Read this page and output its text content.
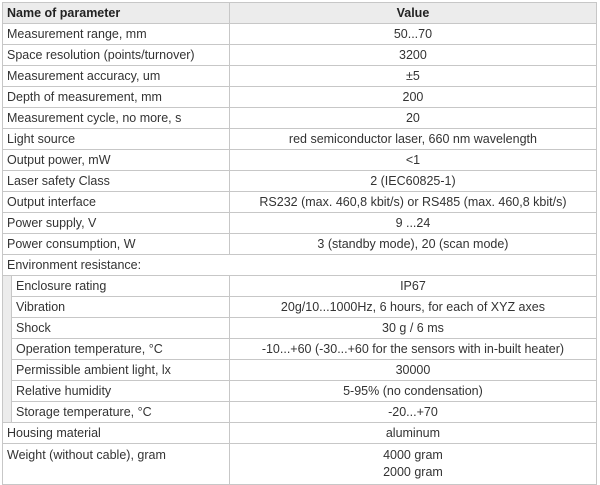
Name of parameter		Value
Measurement range, mm		50...70
Space resolution (points/turnover)		3200
Measurement accuracy, um		±5
Depth of measurement, mm		200
Measurement cycle, no more, s		20
Light source		red semiconductor laser, 660 nm wavelength
Output power, mW		<1
Laser safety Class		2 (IEC60825-1)
Output interface		RS232 (max. 460,8 kbit/s) or RS485 (max. 460,8 kbit/s)
Power supply, V		9 ...24
Power consumption, W		3 (standby mode), 20 (scan mode)
Environment resistance:		
	Enclosure rating	IP67
	Vibration	20g/10...1000Hz, 6 hours, for each of XYZ axes
	Shock	30 g / 6 ms
	Operation temperature, °C	-10...+60 (-30...+60 for the sensors with in-built heater)
	Permissible ambient light, lx	30000
	Relative humidity	5-95% (no condensation)
	Storage temperature, °C	-20...+70
Housing material		aluminum
Weight (without cable), gram		4000 gram
2000 gram
